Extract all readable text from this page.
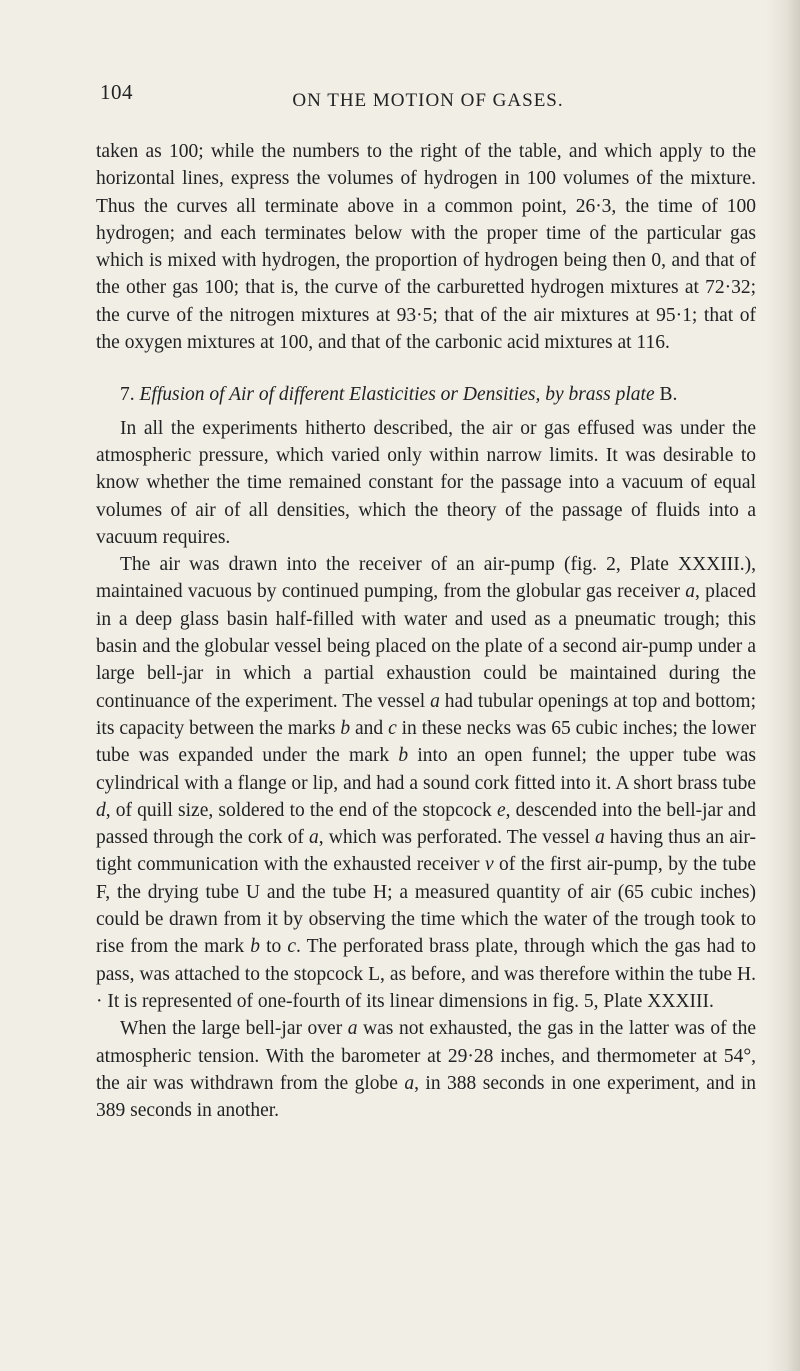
104	ON THE MOTION OF GASES.

taken as 100; while the numbers to the right of the table, and which apply to the horizontal lines, express the volumes of hydrogen in 100 volumes of the mixture. Thus the curves all terminate above in a common point, 26·3, the time of 100 hydrogen; and each terminates below with the proper time of the particular gas which is mixed with hydrogen, the proportion of hydrogen being then 0, and that of the other gas 100; that is, the curve of the carburetted hydrogen mixtures at 72·32; the curve of the nitrogen mixtures at 93·5; that of the air mixtures at 95·1; that of the oxygen mixtures at 100, and that of the carbonic acid mixtures at 116.

7. Effusion of Air of different Elasticities or Densities, by brass plate B.

In all the experiments hitherto described, the air or gas effused was under the atmospheric pressure, which varied only within narrow limits. It was desirable to know whether the time remained constant for the passage into a vacuum of equal volumes of air of all densities, which the theory of the passage of fluids into a vacuum requires.

The air was drawn into the receiver of an air-pump (fig. 2, Plate XXXIII.), maintained vacuous by continued pumping, from the globular gas receiver a, placed in a deep glass basin half-filled with water and used as a pneumatic trough; this basin and the globular vessel being placed on the plate of a second air-pump under a large bell-jar in which a partial exhaustion could be maintained during the continuance of the experiment. The vessel a had tubular openings at top and bottom; its capacity between the marks b and c in these necks was 65 cubic inches; the lower tube was expanded under the mark b into an open funnel; the upper tube was cylindrical with a flange or lip, and had a sound cork fitted into it. A short brass tube d, of quill size, soldered to the end of the stopcock e, descended into the bell-jar and passed through the cork of a, which was perforated. The vessel a having thus an air-tight communication with the exhausted receiver v of the first air-pump, by the tube F, the drying tube U and the tube H; a measured quantity of air (65 cubic inches) could be drawn from it by observing the time which the water of the trough took to rise from the mark b to c. The perforated brass plate, through which the gas had to pass, was attached to the stopcock L, as before, and was therefore within the tube H. · It is represented of one-fourth of its linear dimensions in fig. 5, Plate XXXIII.

When the large bell-jar over a was not exhausted, the gas in the latter was of the atmospheric tension. With the barometer at 29·28 inches, and thermometer at 54°, the air was withdrawn from the globe a, in 388 seconds in one experiment, and in 389 seconds in another.
